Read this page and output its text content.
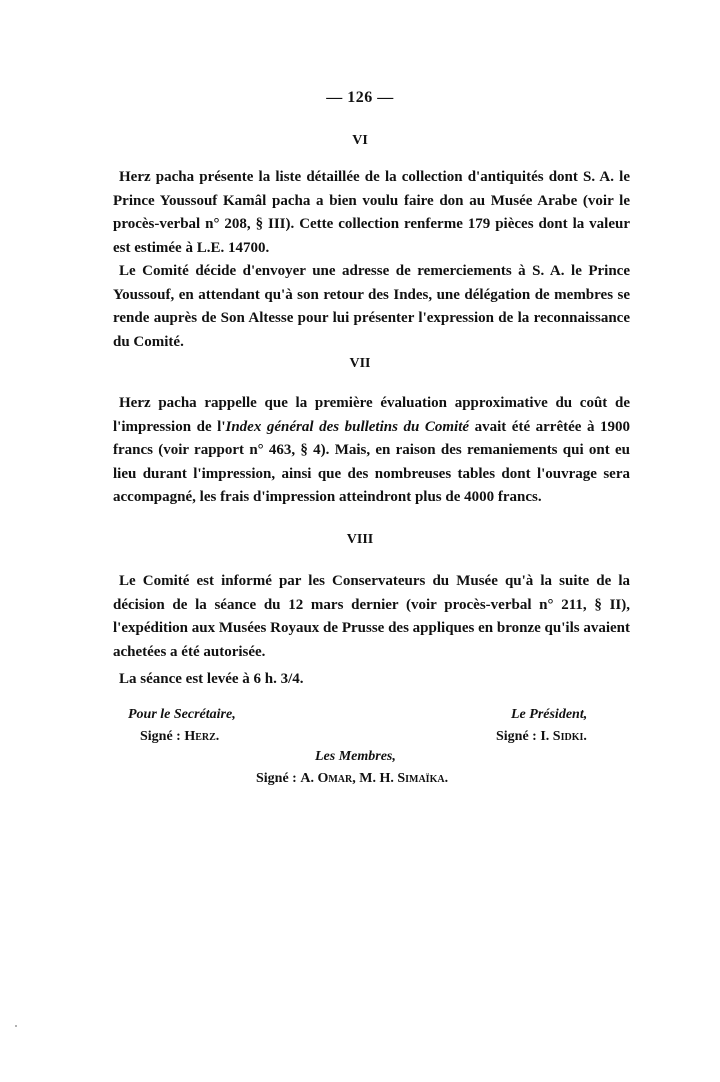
— 126 —
VI

Herz pacha présente la liste détaillée de la collection d'antiquités dont S. A. le Prince Youssouf Kamâl pacha a bien voulu faire don au Musée Arabe (voir le procès-verbal n° 208, § III). Cette collection renferme 179 pièces dont la valeur est estimée à L.E. 14700.

Le Comité décide d'envoyer une adresse de remerciements à S. A. le Prince Youssouf, en attendant qu'à son retour des Indes, une délégation de membres se rende auprès de Son Altesse pour lui présenter l'expression de la reconnaissance du Comité.

VII

Herz pacha rappelle que la première évaluation approximative du coût de l'impression de l'Index général des bulletins du Comité avait été arrêtée à 1900 francs (voir rapport n° 463, § 4). Mais, en raison des remaniements qui ont eu lieu durant l'impression, ainsi que des nombreuses tables dont l'ouvrage sera accompagné, les frais d'impression atteindront plus de 4000 francs.

VIII

Le Comité est informé par les Conservateurs du Musée qu'à la suite de la décision de la séance du 12 mars dernier (voir procès-verbal n° 211, § II), l'expédition aux Musées Royaux de Prusse des appliques en bronze qu'ils avaient achetées a été autorisée.

La séance est levée à 6 h. 3/4.

Pour le Secrétaire,
Signé : Herz.
Le Président,
Signé : I. Sidki.
Les Membres,
Signé : A. Omar, M. H. Simaïka.
